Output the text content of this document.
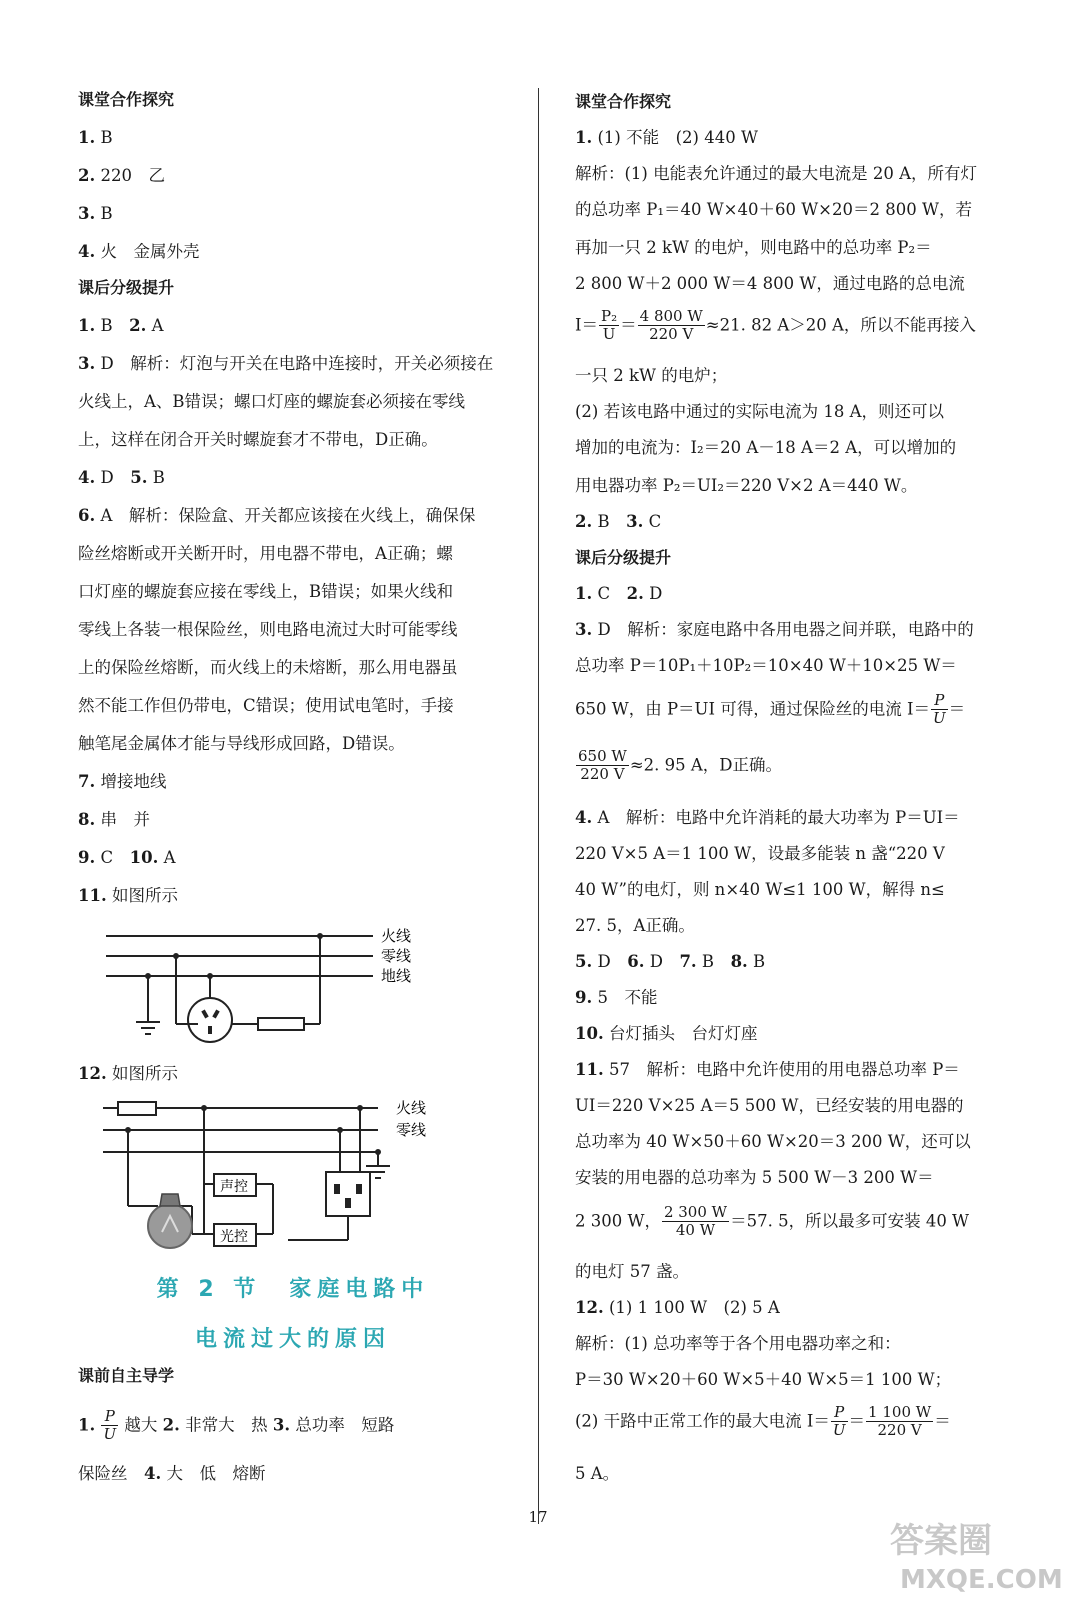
课堂合作探究
1. B
2. 220　乙
3. B
4. 火　金属外壳
课后分级提升
1. B　 2. A
3. D　解析：灯泡与开关在电路中连接时，开关必须接在
火线上，A、B错误；螺口灯座的螺旋套必须接在零线
上，这样在闭合开关时螺旋套才不带电，D正确。
4. D　 5. B
6. A　解析：保险盒、开关都应该接在火线上，确保保
险丝熔断或开关断开时，用电器不带电，A正确；螺
口灯座的螺旋套应接在零线上，B错误；如果火线和
零线上各装一根保险丝，则电路电流过大时可能零线
上的保险丝熔断，而火线上的未熔断，那么用电器虽
然不能工作但仍带电，C错误；使用试电笔时，手接
触笔尾金属体才能与导线形成回路，D错误。
7. 增接地线
8. 串　并
9. C　 10. A
11. 如图所示
火线
零线
地线
12. 如图所示
火线
零线
声控
光控
第 2 节　家庭电路中
电流过大的原因
课前自主导学
1. $\frac{P}{U}$ 越大 2. 非常大　热 3. 总功率　短路
保险丝　 4. 大　低　熔断
课堂合作探究
1. (1) 不能　(2) 440 W
解析：(1) 电能表允许通过的最大电流是 20 A，所有灯
的总功率 P₁＝40 W×40＋60 W×20＝2 800 W，若
再加一只 2 kW 的电炉，则电路中的总功率 P₂＝
2 800 W＋2 000 W＝4 800 W，通过电路的总电流
$I= \frac{\text{P₂}}{U} = \frac{4 800 W}{220 V} \approx 21$. 82 A＞20 A，所以不能再接入
一只 2 kW 的电炉；
(2) 若该电路中通过的实际电流为 18 A，则还可以
增加的电流为：I₂＝20 A－18 A＝2 A，可以增加的
用电器功率 P₂＝UI₂＝220 V×2 A＝440 W。
2. B　 3. C
课后分级提升
1. C　 2. D
3. D　解析：家庭电路中各用电器之间并联，电路中的
总功率 P＝10P₁＋10P₂＝10×40 W＋10×25 W＝
650 W，由 P＝UI 可得，通过保险丝的电流 $I= \frac{P}{U}$ ＝
$\frac{650 W}{220 V} \approx 2$. 95 A，D正确。
4. A　解析：电路中允许消耗的最大功率为 P＝UI＝
220 V×5 A＝1 100 W，设最多能装 n 盏“220 V
40 W”的电灯，则 n×40 W≤1 100 W，解得 n≤
27. 5，A正确。
5. D　 6. D　 7. B　 8. B
9. 5　不能
10. 台灯插头　台灯灯座
11. 57　解析：电路中允许使用的用电器总功率 P＝
UI＝220 V×25 A＝5 500 W，已经安装的用电器的
总功率为 40 W×50＋60 W×20＝3 200 W，还可以
安装的用电器的总功率为 5 500 W－3 200 W＝
2 300 W， $\frac{2 300 W}{40 W} =57$. 5，所以最多可安装 40 W
的电灯 57 盏。
12. (1) 1 100 W　(2) 5 A
解析：(1) 总功率等于各个用电器功率之和：
P＝30 W×20＋60 W×5＋40 W×5＝1 100 W；
(2) 干路中正常工作的最大电流 $I= \frac{P}{U} = \frac{1 100 W}{220 V}$ ＝
5 A。
17
答案圈
MXQE.COM
